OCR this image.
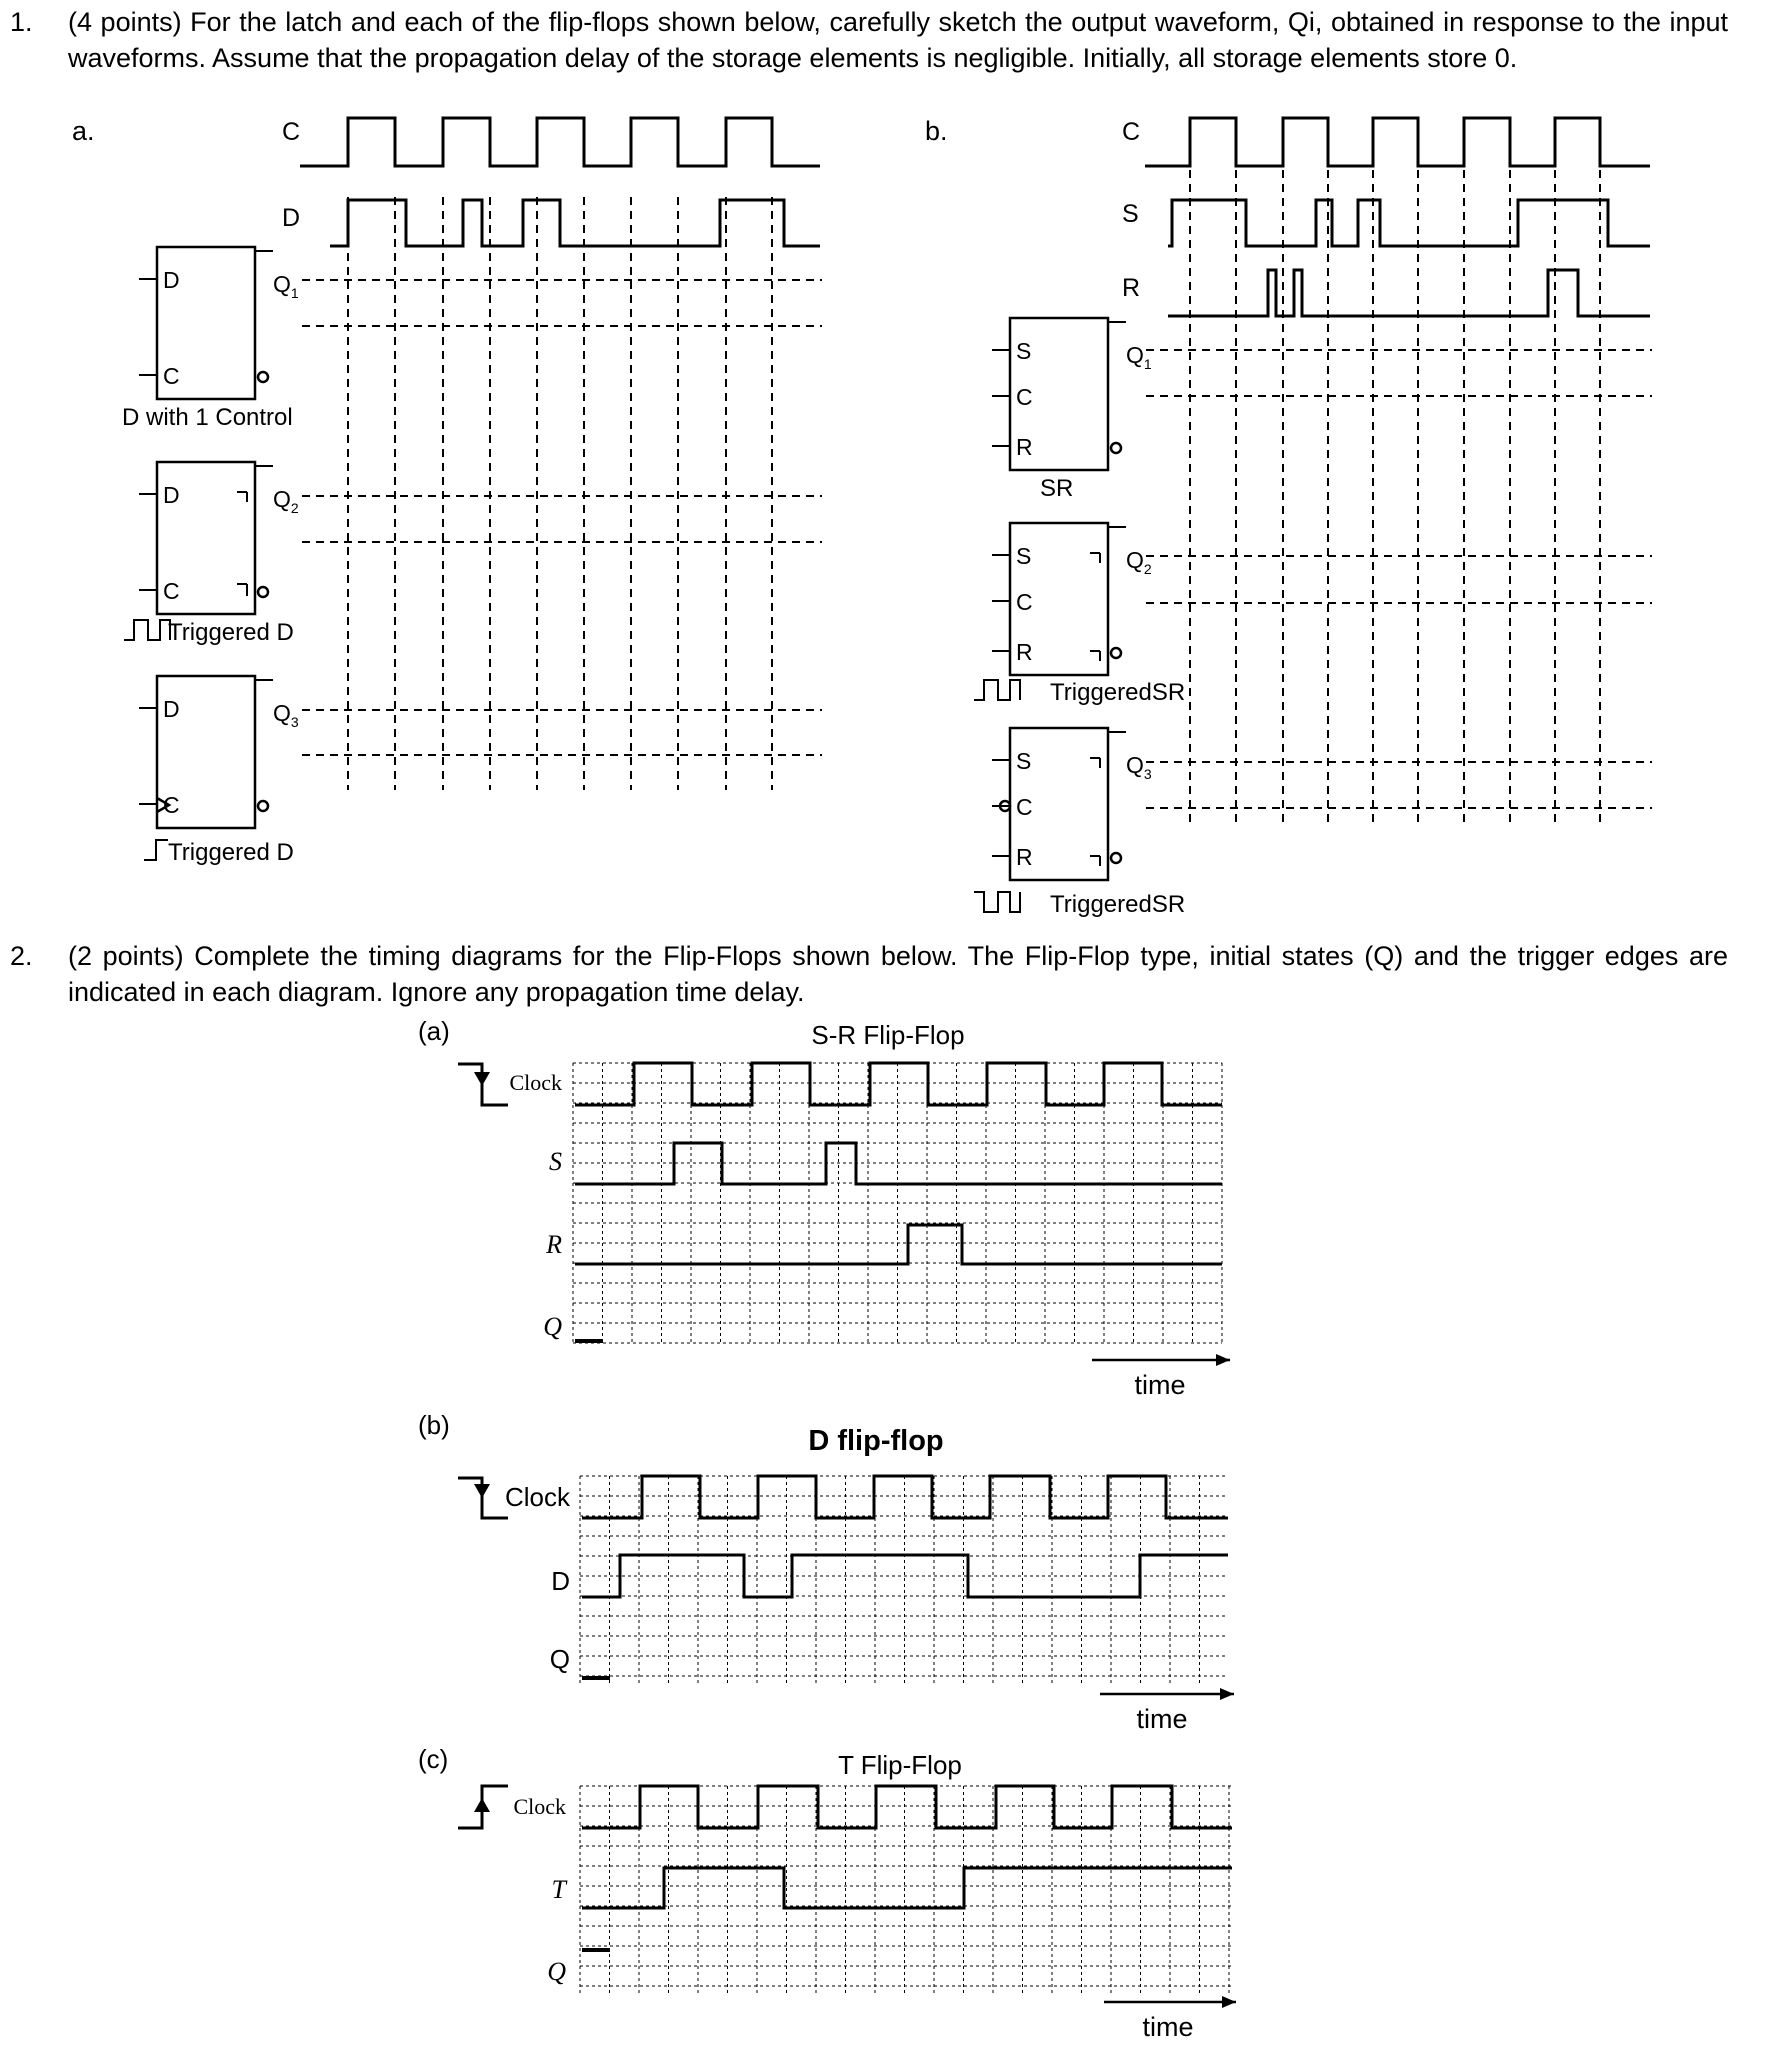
1. (4 points) For the latch and each of the flip-flops shown below, carefully sketch the output waveform, Qi, obtained in response to the input waveforms. Assume that the propagation delay of the storage elements is negligible. Initially, all storage elements store 0.
2. (2 points) Complete the timing diagrams for the Flip-Flops shown below. The Flip-Flop type, initial states (Q) and the trigger edges are indicated in each diagram. Ignore any propagation time delay.
a.	C
D
D
C
$Q_1$
D with 1 Control
D
C
$Q_2$
Triggered D
D
C
$Q_3$
Triggered D
b.	C
S
R
S
C
R
$Q_1$
SR
S
C
R
$Q_2$
TriggeredSR
S
C
R
$Q_3$
TriggeredSR
(a)	S-R Flip-Flop
Clock
S
R
Q
time
(b)	D flip-flop
Clock
D
Q
time
(c)	T Flip-Flop
Clock
T
Q
time
